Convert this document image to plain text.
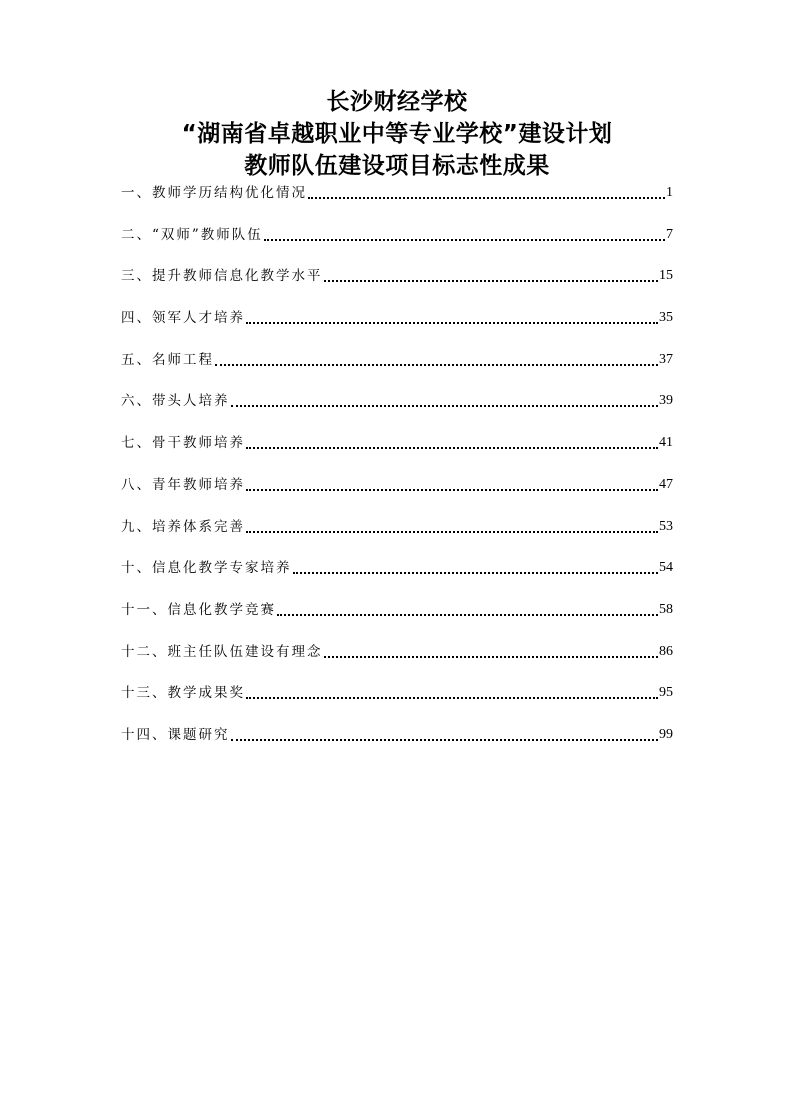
长沙财经学校
“湖南省卓越职业中等专业学校”建设计划
教师队伍建设项目标志性成果
一、教师学历结构优化情况	1
二、“双师”教师队伍	7
三、提升教师信息化教学水平	15
四、领军人才培养	35
五、名师工程	37
六、带头人培养	39
七、骨干教师培养	41
八、青年教师培养	47
九、培养体系完善	53
十、信息化教学专家培养	54
十一、信息化教学竞赛	58
十二、班主任队伍建设有理念	86
十三、教学成果奖	95
十四、课题研究	99
